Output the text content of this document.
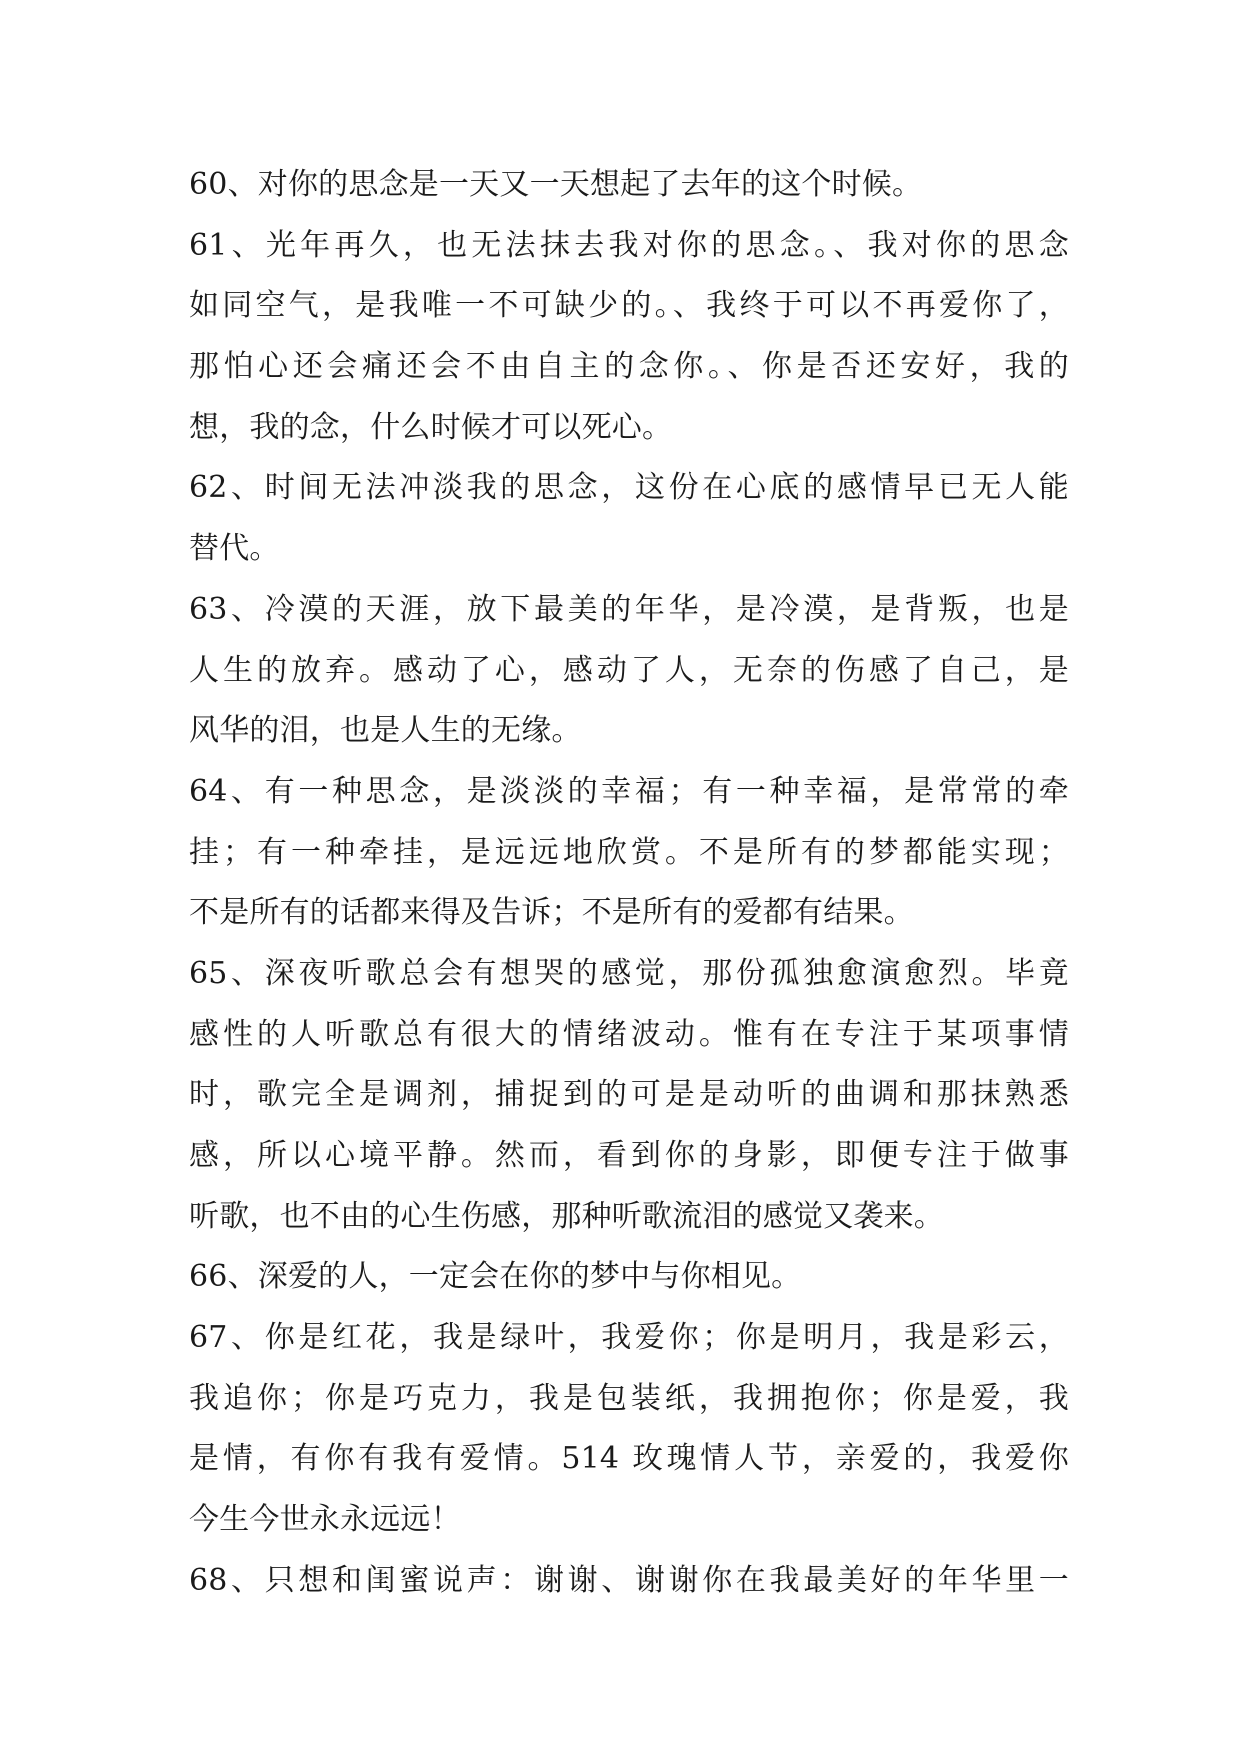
60、对你的思念是一天又一天想起了去年的这个时候。
61、光年再久，也无法抹去我对你的思念。、我对你的思念
如同空气，是我唯一不可缺少的。、我终于可以不再爱你了，
那怕心还会痛还会不由自主的念你。、你是否还安好，我的
想，我的念，什么时候才可以死心。
62、时间无法冲淡我的思念，这份在心底的感情早已无人能
替代。
63、冷漠的天涯，放下最美的年华，是冷漠，是背叛，也是
人生的放弃。感动了心，感动了人，无奈的伤感了自己，是
风华的泪，也是人生的无缘。
64、有一种思念，是淡淡的幸福；有一种幸福，是常常的牵
挂；有一种牵挂，是远远地欣赏。不是所有的梦都能实现；
不是所有的话都来得及告诉；不是所有的爱都有结果。
65、深夜听歌总会有想哭的感觉，那份孤独愈演愈烈。毕竟
感性的人听歌总有很大的情绪波动。惟有在专注于某项事情
时，歌完全是调剂，捕捉到的可是是动听的曲调和那抹熟悉
感，所以心境平静。然而，看到你的身影，即便专注于做事
听歌，也不由的心生伤感，那种听歌流泪的感觉又袭来。
66、深爱的人，一定会在你的梦中与你相见。
67、你是红花，我是绿叶，我爱你；你是明月，我是彩云，
我追你；你是巧克力，我是包装纸，我拥抱你；你是爱，我
是情，有你有我有爱情。514 玫瑰情人节，亲爱的，我爱你
今生今世永永远远！
68、只想和闺蜜说声：谢谢、谢谢你在我最美好的年华里一
